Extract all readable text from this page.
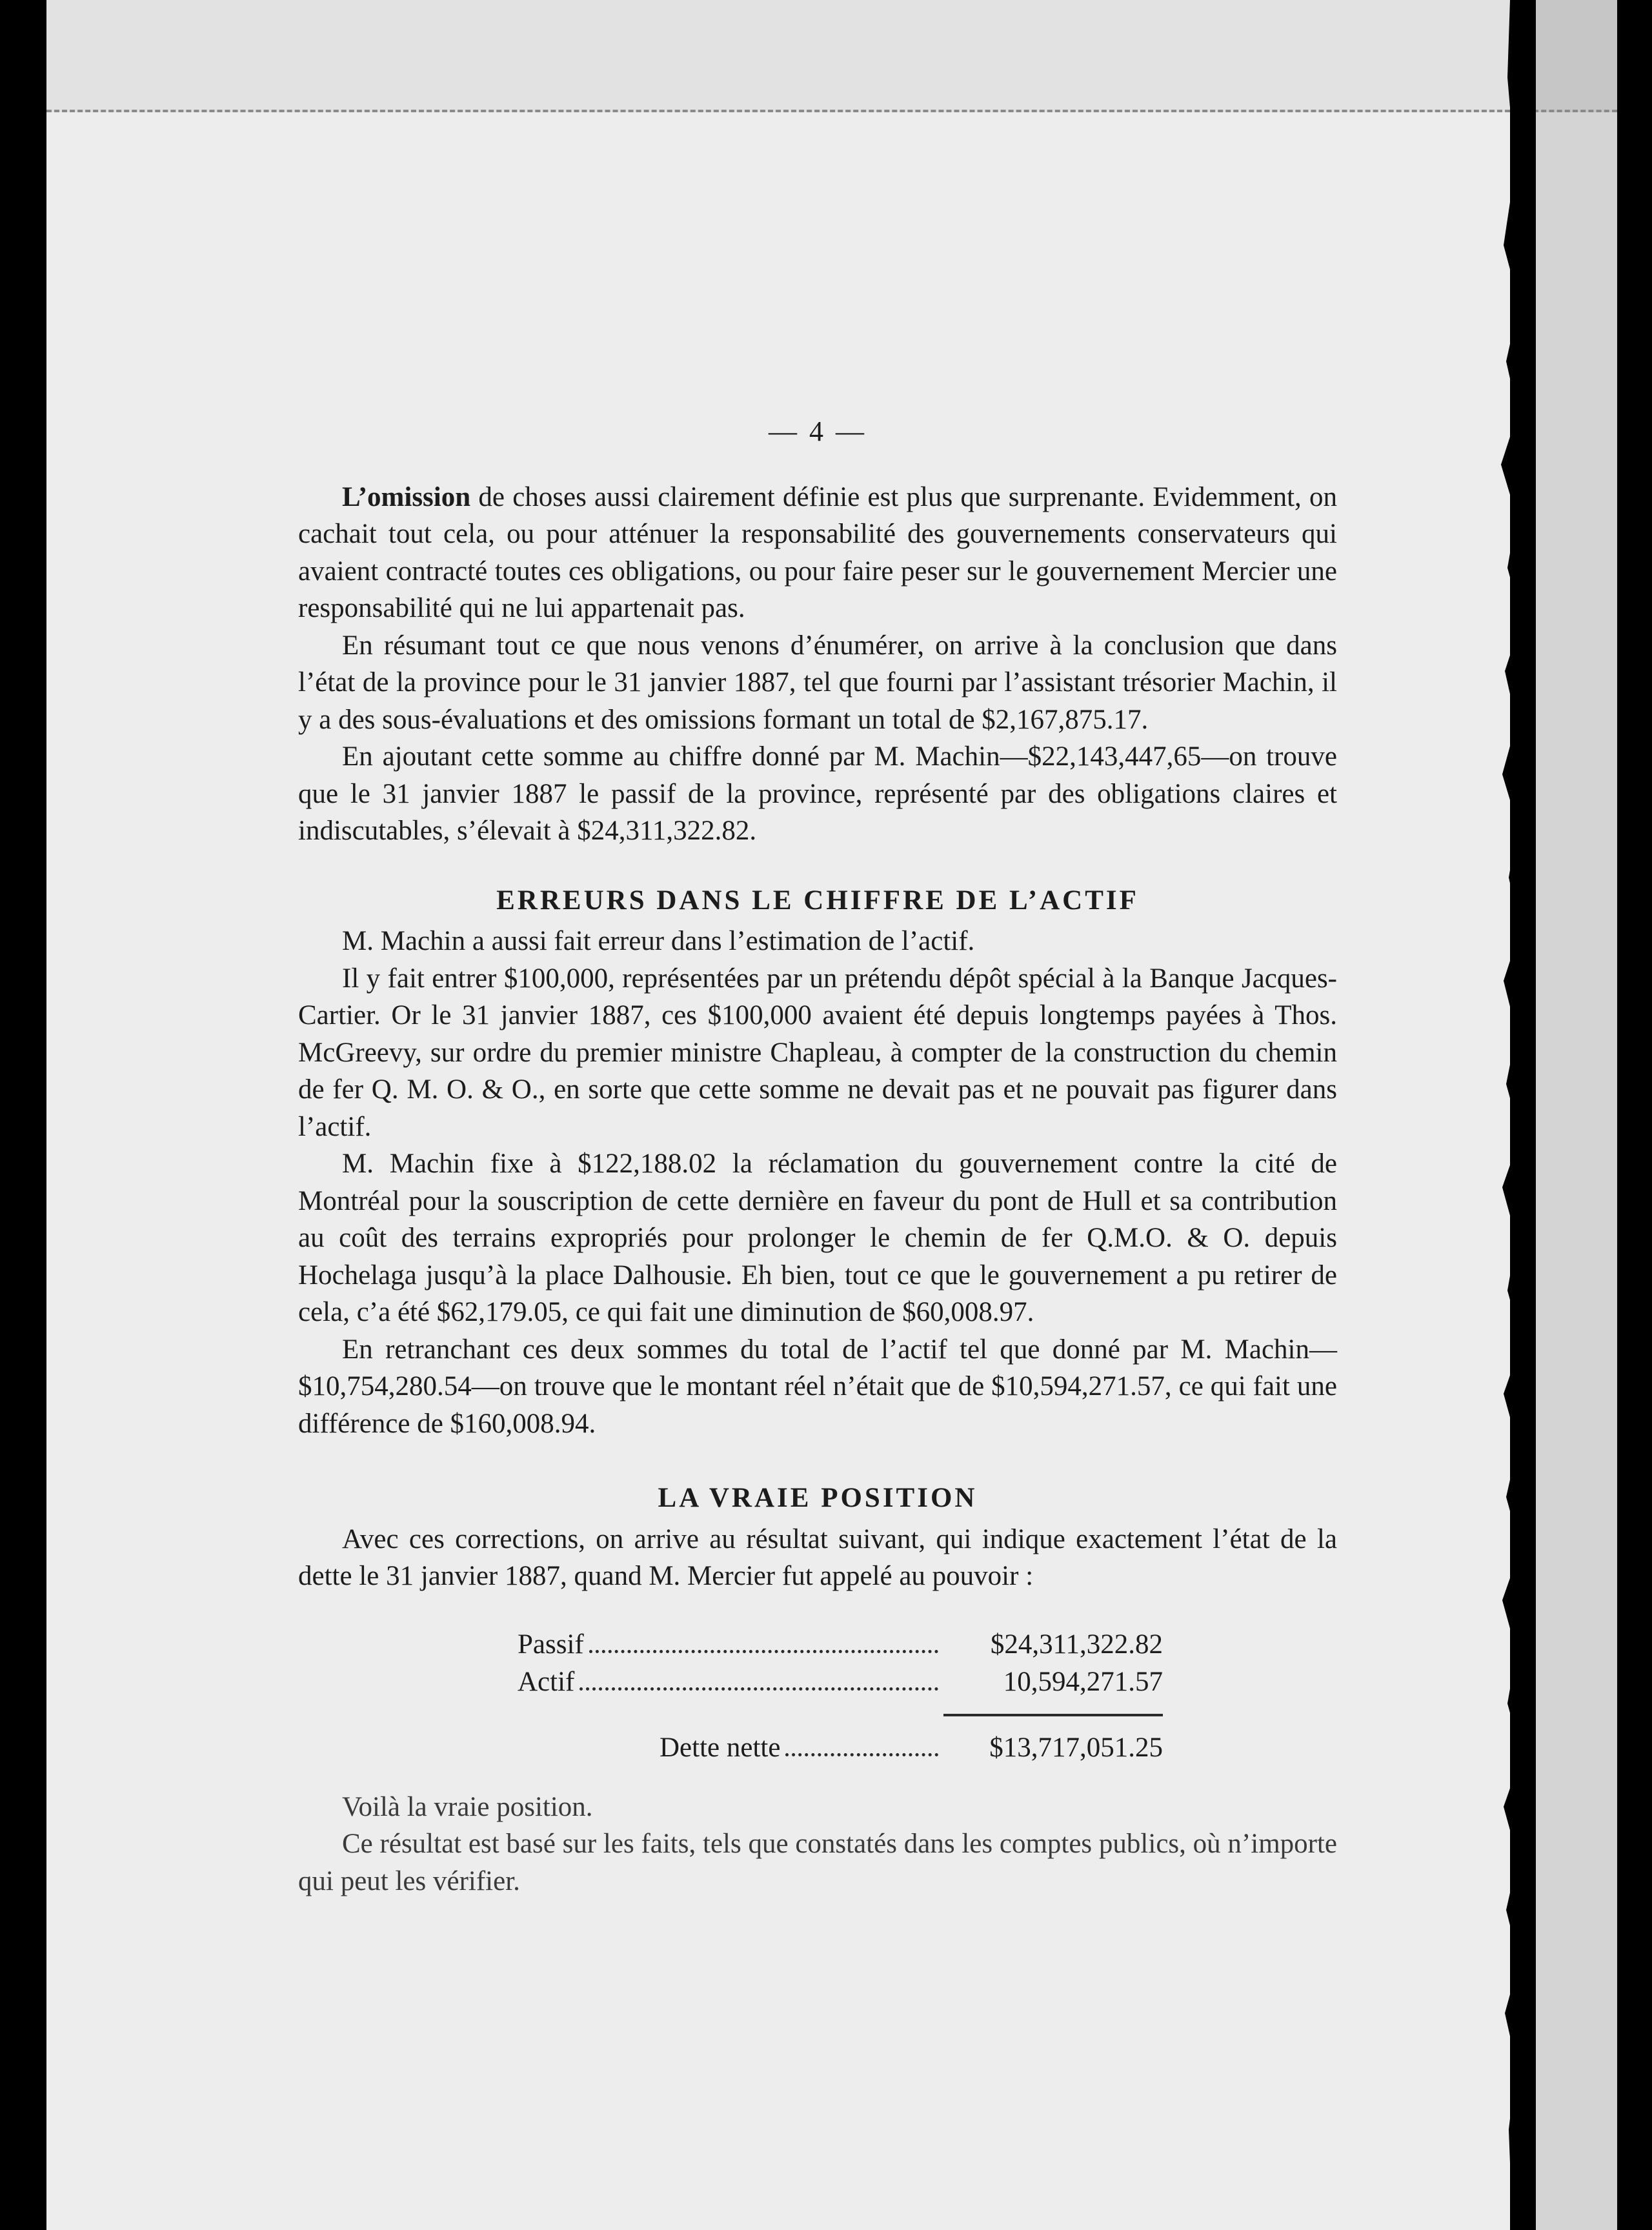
— 4 —

L’omission de choses aussi clairement définie est plus que surprenante. Evidemment, on cachait tout cela, ou pour atténuer la responsabilité des gouvernements conservateurs qui avaient contracté toutes ces obligations, ou pour faire peser sur le gouvernement Mercier une responsabilité qui ne lui appartenait pas.

En résumant tout ce que nous venons d’énumérer, on arrive à la conclusion que dans l’état de la province pour le 31 janvier 1887, tel que fourni par l’assistant trésorier Machin, il y a des sous-évaluations et des omissions formant un total de $2,167,875.17.

En ajoutant cette somme au chiffre donné par M. Machin—$22,143,447,65—on trouve que le 31 janvier 1887 le passif de la province, représenté par des obligations claires et indiscutables, s’élevait à $24,311,322.82.

ERREURS DANS LE CHIFFRE DE L’ACTIF

M. Machin a aussi fait erreur dans l’estimation de l’actif.

Il y fait entrer $100,000, représentées par un prétendu dépôt spécial à la Banque Jacques-Cartier. Or le 31 janvier 1887, ces $100,000 avaient été depuis longtemps payées à Thos. McGreevy, sur ordre du premier ministre Chapleau, à compter de la construction du chemin de fer Q. M. O. & O., en sorte que cette somme ne devait pas et ne pouvait pas figurer dans l’actif.

M. Machin fixe à $122,188.02 la réclamation du gouvernement contre la cité de Montréal pour la souscription de cette dernière en faveur du pont de Hull et sa contribution au coût des terrains expropriés pour prolonger le chemin de fer Q.M.O. & O. depuis Hochelaga jusqu’à la place Dalhousie. Eh bien, tout ce que le gouvernement a pu retirer de cela, c’a été $62,179.05, ce qui fait une diminution de $60,008.97.

En retranchant ces deux sommes du total de l’actif tel que donné par M. Machin—$10,754,280.54—on trouve que le montant réel n’était que de $10,594,271.57, ce qui fait une différence de $160,008.94.

LA VRAIE POSITION

Avec ces corrections, on arrive au résultat suivant, qui indique exactement l’état de la dette le 31 janvier 1887, quand M. Mercier fut appelé au pouvoir :

Passif	$24,311,322.82
Actif	10,594,271.57
Dette nette	$13,717,051.25

Voilà la vraie position.

Ce résultat est basé sur les faits, tels que constatés dans les comptes publics, où n’importe qui peut les vérifier.
